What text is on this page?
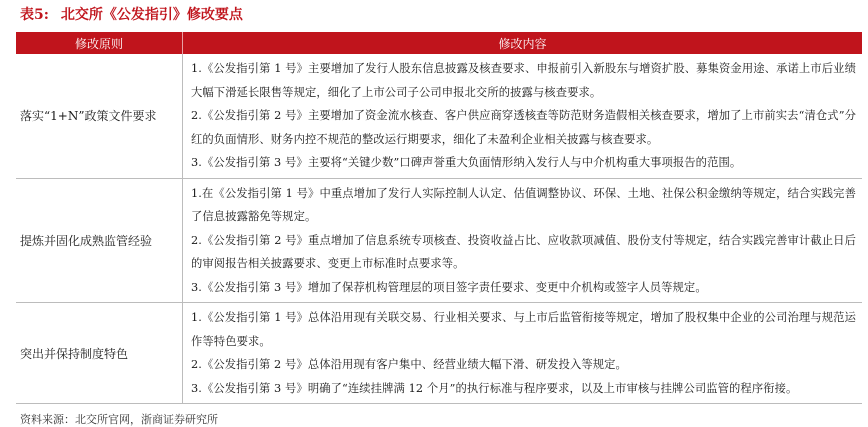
表5: 北交所《公发指引》修改要点
修改原则	修改内容
落实“1+N”政策文件要求	1.《公发指引第 1 号》主要增加了发行人股东信息披露及核查要求、申报前引入新股东与增资扩股、募集资金用途、承诺上市后业绩大幅下滑延长限售等规定，细化了上市公司子公司申报北交所的披露与核查要求。

2.《公发指引第 2 号》主要增加了资金流水核查、客户供应商穿透核查等防范财务造假相关核查要求，增加了上市前实去“清仓式”分红的负面情形、财务内控不规范的整改运行期要求，细化了未盈利企业相关披露与核查要求。

3.《公发指引第 3 号》主要将“关键少数”口碑声誉重大负面情形纳入发行人与中介机构重大事项报告的范围。

提炼并固化成熟监管经验	1.在《公发指引第 1 号》中重点增加了发行人实际控制人认定、估值调整协议、环保、土地、社保公积金缴纳等规定，结合实践完善了信息披露豁免等规定。

2.《公发指引第 2 号》重点增加了信息系统专项核查、投资收益占比、应收款项减值、股份支付等规定，结合实践完善审计截止日后的审阅报告相关披露要求、变更上市标准时点要求等。

3.《公发指引第 3 号》增加了保荐机构管理层的项目签字责任要求、变更中介机构或签字人员等规定。

突出并保持制度特色	1.《公发指引第 1 号》总体沿用现有关联交易、行业相关要求、与上市后监管衔接等规定，增加了股权集中企业的公司治理与规范运作等特色要求。

2.《公发指引第 2 号》总体沿用现有客户集中、经营业绩大幅下滑、研发投入等规定。

3.《公发指引第 3 号》明确了“连续挂牌满 12 个月”的执行标准与程序要求，以及上市审核与挂牌公司监管的程序衔接。

资料来源：北交所官网，浙商证券研究所
